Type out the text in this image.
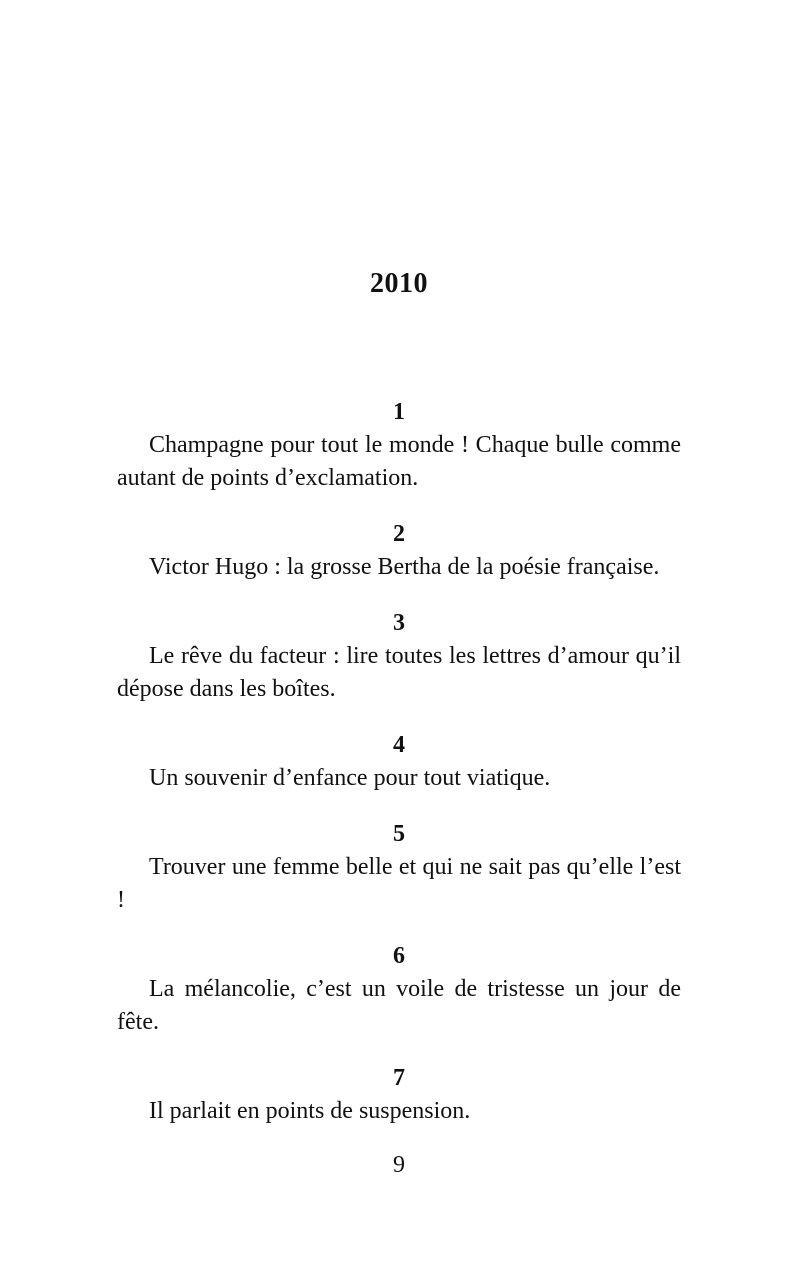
2010
1

Champagne pour tout le monde ! Chaque bulle comme autant de points d’exclamation.

2

Victor Hugo : la grosse Bertha de la poésie française.

3

Le rêve du facteur : lire toutes les lettres d’amour qu’il dépose dans les boîtes.

4

Un souvenir d’enfance pour tout viatique.

5

Trouver une femme belle et qui ne sait pas qu’elle l’est !

6

La mélancolie, c’est un voile de tristesse un jour de fête.

7

Il parlait en points de suspension.

9
